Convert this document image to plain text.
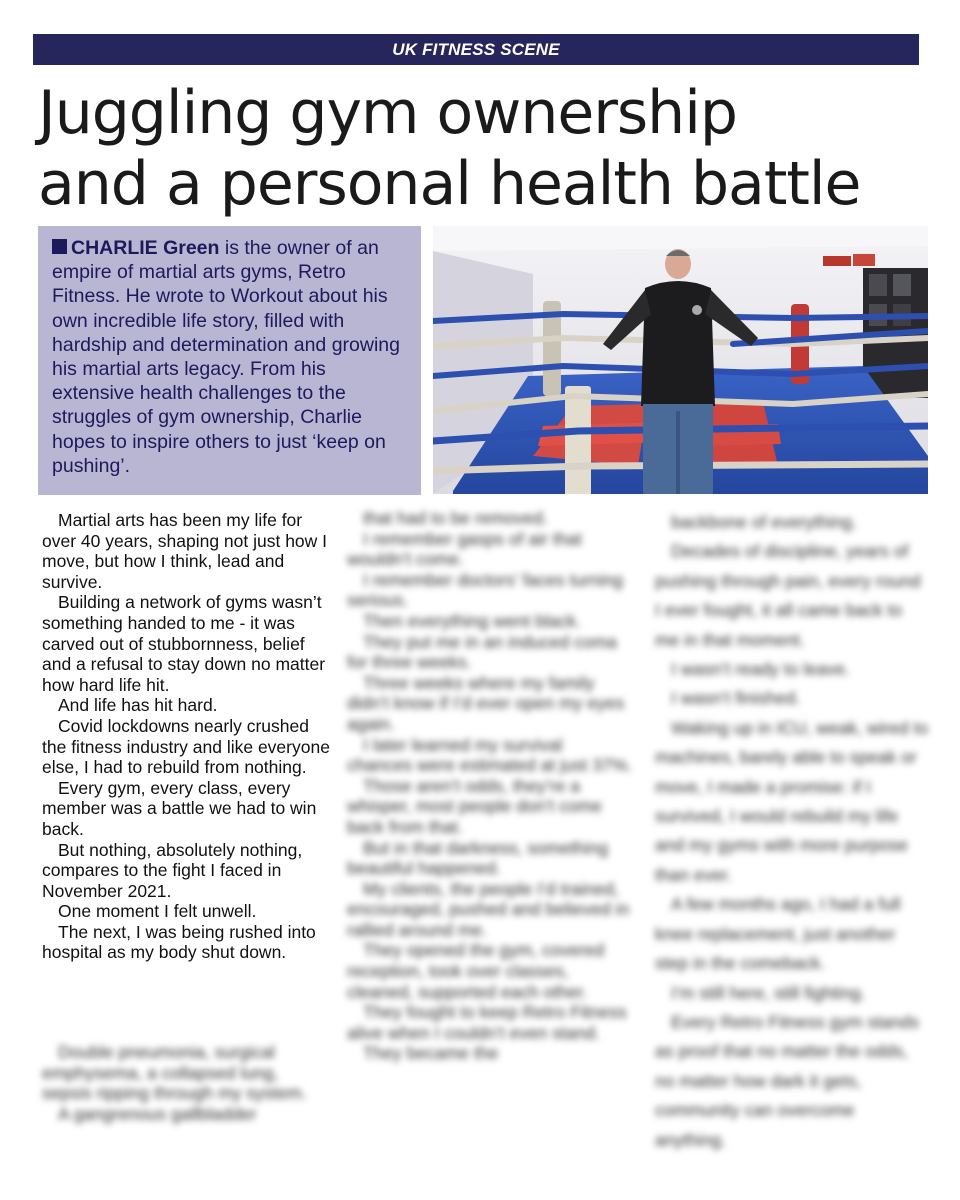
UK FITNESS SCENE
Juggling gym ownership
and a personal health battle

CHARLIE Green is the owner of an empire of martial arts gyms, Retro Fitness. He wrote to Workout about his own incredible life story, filled with hardship and determination and growing his martial arts legacy. From his extensive health challenges to the struggles of gym ownership, Charlie hopes to inspire others to just ‘keep on pushing’.

Martial arts has been my life for over 40 years, shaping not just how I move, but how I think, lead and survive.

Building a network of gyms wasn’t something handed to me - it was carved out of stubbornness, belief and a refusal to stay down no matter how hard life hit.

And life has hit hard.

Covid lockdowns nearly crushed the fitness industry and like everyone else, I had to rebuild from nothing.

Every gym, every class, every member was a battle we had to win back.

But nothing, absolutely nothing, compares to the fight I faced in November 2021.

One moment I felt unwell.

The next, I was being rushed into hospital as my body shut down.

Double pneumonia, surgical emphysema, a collapsed lung, sepsis ripping through my system.

A gangrenous gallbladder

that had to be removed.

I remember gasps of air that wouldn’t come.

I remember doctors’ faces turning serious.

Then everything went black.

They put me in an induced coma for three weeks.

Three weeks where my family didn’t know if I’d ever open my eyes again.

I later learned my survival chances were estimated at just 37%.

Those aren’t odds, they’re a whisper, most people don’t come back from that.

But in that darkness, something beautiful happened.

My clients, the people I’d trained, encouraged, pushed and believed in rallied around me.

They opened the gym, covered reception, took over classes, cleaned, supported each other.

They fought to keep Retro Fitness alive when I couldn’t even stand.

They became the

backbone of everything.

Decades of discipline, years of pushing through pain, every round I ever fought, it all came back to me in that moment.

I wasn’t ready to leave.

I wasn’t finished.

Waking up in ICU, weak, wired to machines, barely able to speak or move, I made a promise: if I survived, I would rebuild my life and my gyms with more purpose than ever.

A few months ago, I had a full knee replacement, just another step in the comeback.

I’m still here, still fighting.

Every Retro Fitness gym stands as proof that no matter the odds, no matter how dark it gets, community can overcome anything.
